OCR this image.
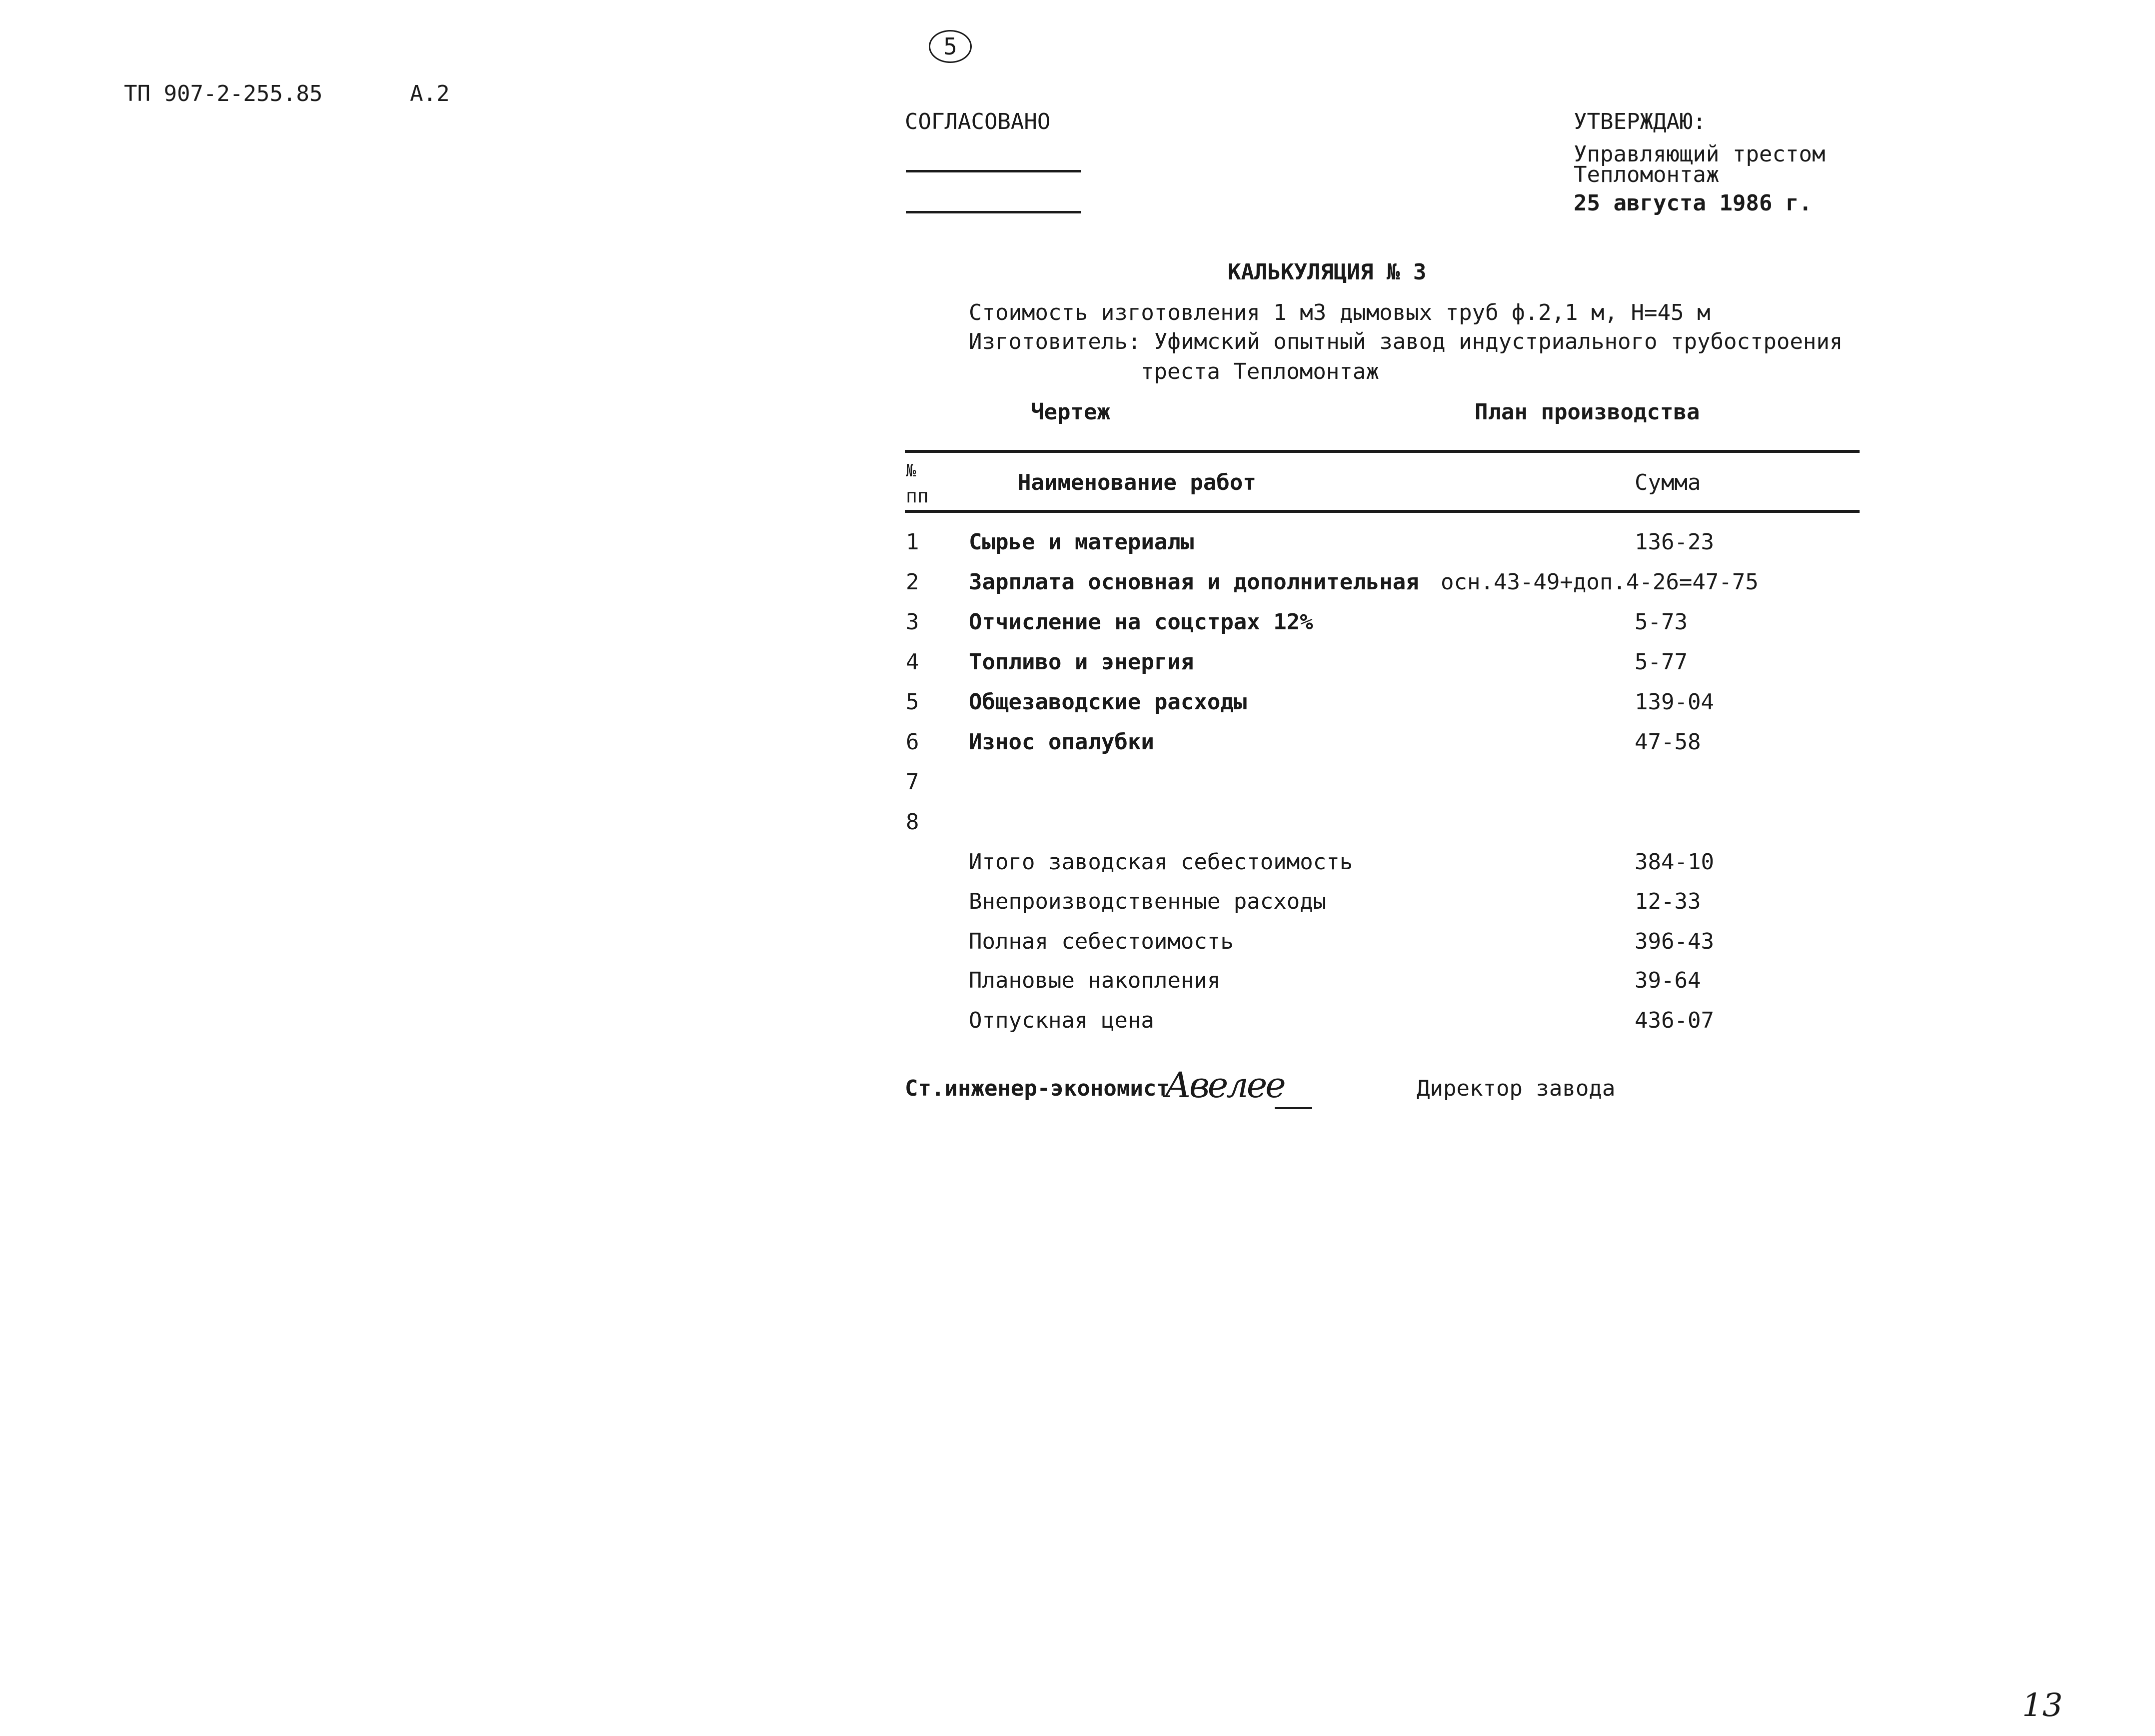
ТП 907-2-255.85	А.2
5
СОГЛАСОВАНО	УТВЕРЖДАЮ:
Управляющий трестом
Тепломонтаж
25 августа 1986 г.
КАЛЬКУЛЯЦИЯ № 3
Стоимость изготовления 1 м3 дымовых труб ф.2,1 м, Н=45 м
Изготовитель: Уфимский опытный завод индустриального трубостроения
треста Тепломонтаж
Чертеж	План производства
№
пп
Наименование работ	Сумма
1	Сырье и материалы	136-23
2	Зарплата основная и дополнительная осн.43-49+доп.4-26=47-75
3	Отчисление на соцстрах 12%	5-73
4	Топливо и энергия	5-77
5	Общезаводские расходы	139-04
6	Износ опалубки	47-58
7
8
Итого заводская себестоимость	384-10
Внепроизводственные расходы	12-33
Полная себестоимость	396-43
Плановые накопления	39-64
Отпускная цена	436-07
Ст.инженер-экономист
Авелее	Директор завода
13
